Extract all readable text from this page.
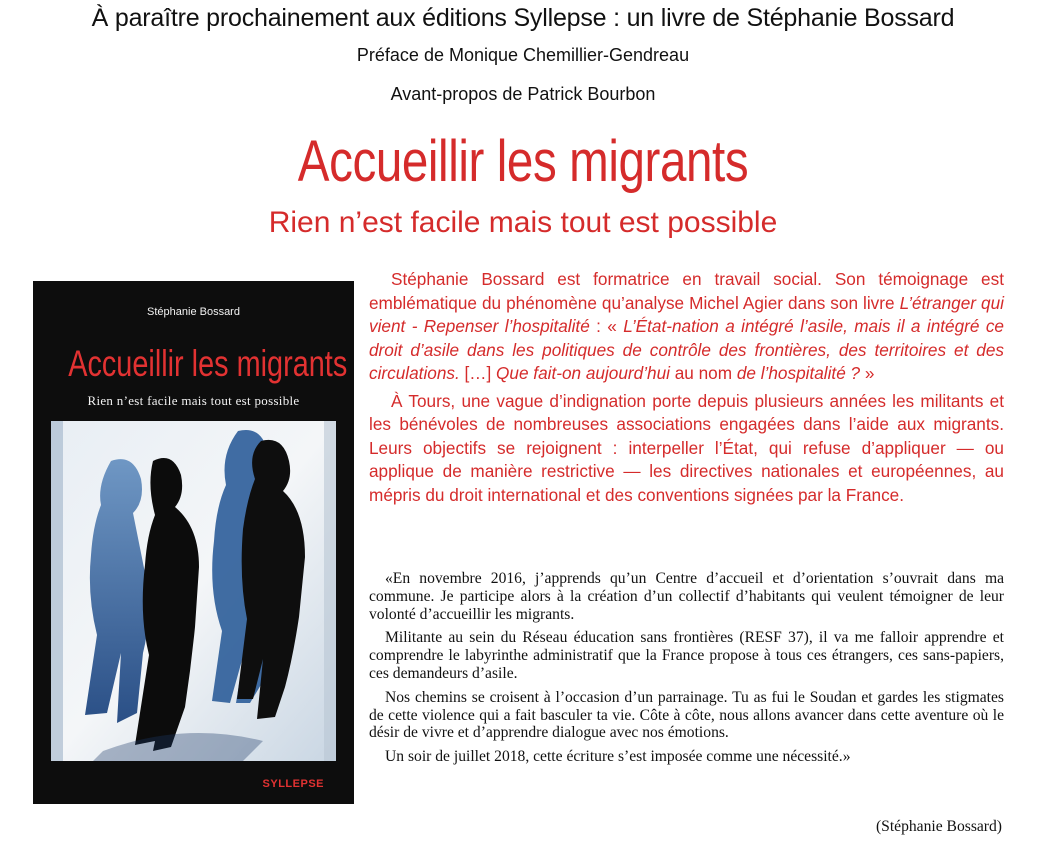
À paraître prochainement aux éditions Syllepse : un livre de Stéphanie Bossard
Préface de Monique Chemillier-Gendreau
Avant-propos de Patrick Bourbon
Accueillir les migrants
Rien n’est facile mais tout est possible
Stéphanie Bossard
Accueillir les migrants
Rien n’est facile mais tout est possible
SYLLEPSE

Stéphanie Bossard est formatrice en travail social. Son témoignage est emblématique du phénomène qu’analyse Michel Agier dans son livre L’étranger qui vient - Repenser l’hospitalité : « L’État-nation a intégré l’asile, mais il a intégré ce droit d’asile dans les politiques de contrôle des frontières, des territoires et des circulations. […] Que fait-on aujourd’hui au nom de l’hospitalité ? »

À Tours, une vague d’indignation porte depuis plusieurs années les militants et les bénévoles de nombreuses associations engagées dans l’aide aux migrants. Leurs objectifs se rejoignent : interpeller l’État, qui refuse d’appliquer — ou applique de manière restrictive — les directives nationales et européennes, au mépris du droit international et des conventions signées par la France.

«En novembre 2016, j’apprends qu’un Centre d’accueil et d’orientation s’ouvrait dans ma commune. Je participe alors à la création d’un collectif d’habitants qui veulent témoigner de leur volonté d’accueillir les migrants.

Militante au sein du Réseau éducation sans frontières (RESF 37), il va me falloir apprendre et comprendre le labyrinthe administratif que la France propose à tous ces étrangers, ces sans-papiers, ces demandeurs d’asile.

Nos chemins se croisent à l’occasion d’un parrainage. Tu as fui le Soudan et gardes les stigmates de cette violence qui a fait basculer ta vie. Côte à côte, nous allons avancer dans cette aventure où le désir de vivre et d’apprendre dialogue avec nos émotions.

Un soir de juillet 2018, cette écriture s’est imposée comme une nécessité.»

(Stéphanie Bossard)
